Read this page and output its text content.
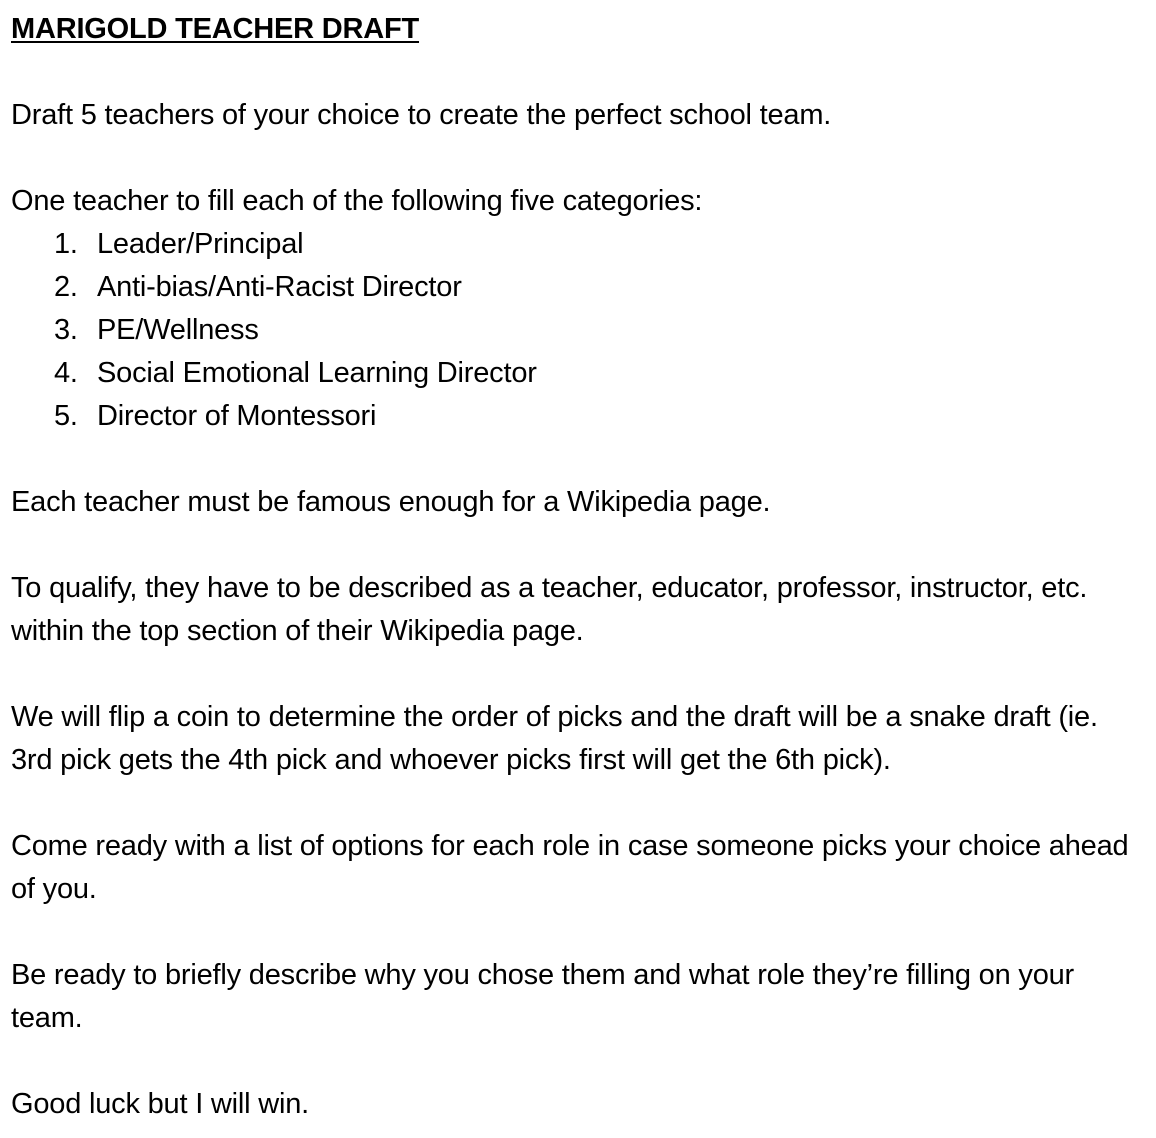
MARIGOLD TEACHER DRAFT

Draft 5 teachers of your choice to create the perfect school team.

One teacher to fill each of the following five categories:

1. Leader/Principal
2. Anti-bias/Anti-Racist Director
3. PE/Wellness
4. Social Emotional Learning Director
5. Director of Montessori

Each teacher must be famous enough for a Wikipedia page.

To qualify, they have to be described as a teacher, educator, professor, instructor, etc. within the top section of their Wikipedia page.

We will flip a coin to determine the order of picks and the draft will be a snake draft (ie. 3rd pick gets the 4th pick and whoever picks first will get the 6th pick).

Come ready with a list of options for each role in case someone picks your choice ahead of you.

Be ready to briefly describe why you chose them and what role they’re filling on your team.

Good luck but I will win.
